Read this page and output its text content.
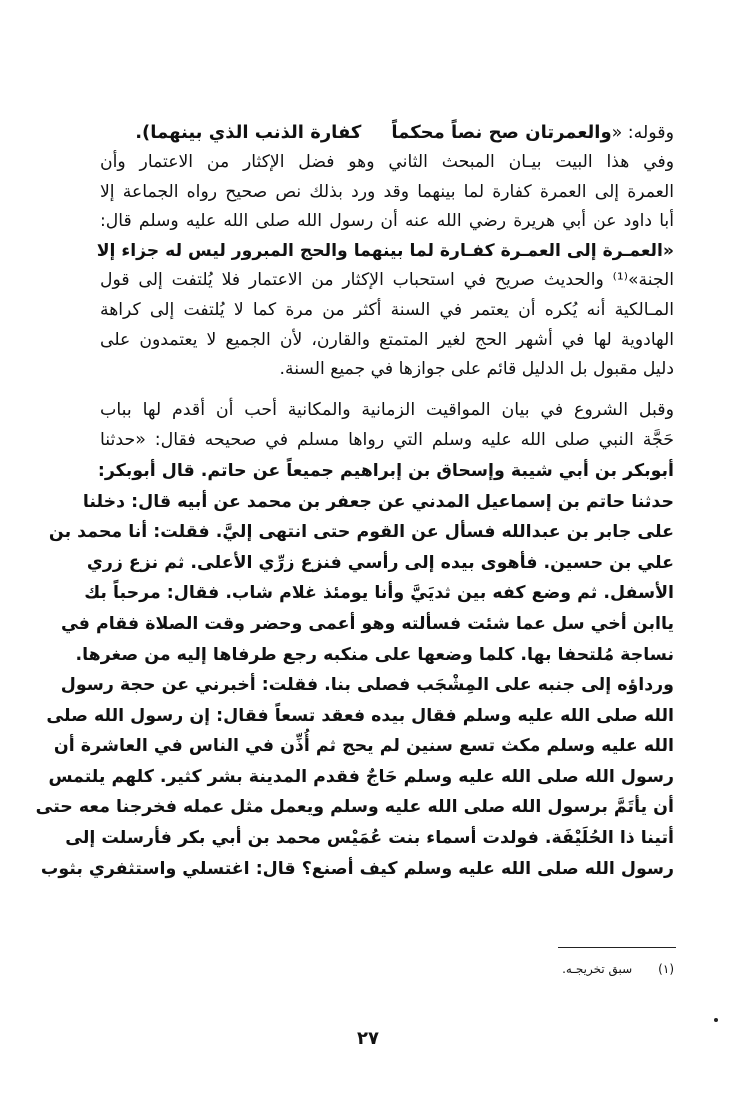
وقوله: «والعمرتان صح نصاً محكماًكفارة الذنب الذي بينهما).
وفي هذا البيت بيـان المبحث الثاني وهو فضل الإكثار من الاعتمار وأن
العمرة إلى العمرة كفارة لما بينهما وقد ورد بذلك نص صحيح رواه الجماعة إلا
أبا داود عن أبي هريرة رضي الله عنه أن رسول الله صلى الله عليه وسلم قال:
«العمـرة إلى العمـرة كفـارة لما بينهما والحج المبرور ليس له جزاء إلا
الجنة»⁽¹⁾ والحديث صريح في استحباب الإكثار من الاعتمار فلا يُلتفت إلى قول
المـالكية أنه يُكره أن يعتمر في السنة أكثر من مرة كما لا يُلتفت إلى كراهة
الهادوية لها في أشهر الحج لغير المتمتع والقارن، لأن الجميع لا يعتمدون على
دليل مقبول بل الدليل قائم على جوازها في جميع السنة.
وقبل الشروع في بيان المواقيت الزمانية والمكانية أحب أن أقدم لها بباب
حَجَّة النبي صلى الله عليه وسلم التي رواها مسلم في صحيحه فقال: «حدثنا
أبوبكر بن أبي شيبة وإسحاق بن إبراهيم جميعاً عن حاتم. قال أبوبكر:
حدثنا حاتم بن إسماعيل المدني عن جعفر بن محمد عن أبيه قال: دخلنا
على جابر بن عبدالله فسأل عن القوم حتى انتهى إليَّ. فقلت: أنا محمد بن
علي بن حسين. فأهوى بيده إلى رأسي فنزع زرِّي الأعلى. ثم نزع زري
الأسفل. ثم وضع كفه بين ثديَيَّ وأنا يومئذ غلام شاب. فقال: مرحباً بك
ياابن أخي سل عما شئت فسألته وهو أعمى وحضر وقت الصلاة فقام في
نساجة مُلتحفا بها. كلما وضعها على منكبه رجع طرفاها إليه من صغرها.
ورداؤه إلى جنبه على المِشْجَب فصلى بنا. فقلت: أخبرني عن حجة رسول
الله صلى الله عليه وسلم فقال بيده فعقد تسعاً فقال: إن رسول الله صلى
الله عليه وسلم مكث تسع سنين لم يحج ثم أُذِّن في الناس في العاشرة أن
رسول الله صلى الله عليه وسلم حَاجٌ فقدم المدينة بشر كثير. كلهم يلتمس
أن يأتَمَّ برسول الله صلى الله عليه وسلم ويعمل مثل عمله فخرجنا معه حتى
أتينا ذا الحُلَيْفَة. فولدت أسماء بنت عُمَيْس محمد بن أبي بكر فأرسلت إلى
رسول الله صلى الله عليه وسلم كيف أصنع؟ قال: اغتسلي واستثفري بثوب
(١)سبق تخريجـه.
٢٧
